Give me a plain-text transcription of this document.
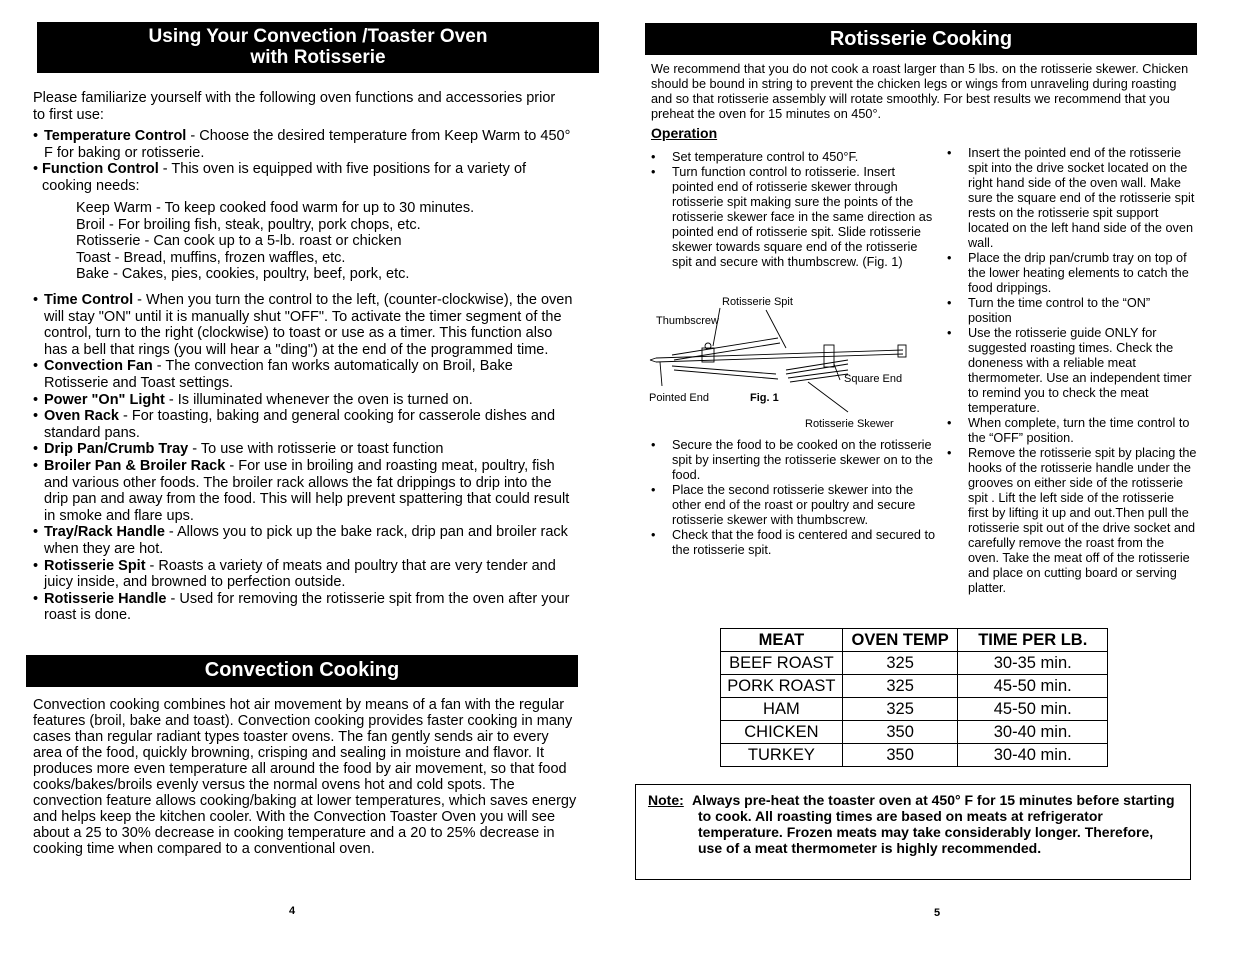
Using Your Convection /Toaster Oven
with Rotisserie
Please familiarize yourself with the following oven functions and accessories prior to first use:
• Temperature Control - Choose the desired temperature from Keep Warm to 450° F for baking or rotisserie.
• Function Control - This oven is equipped with five positions for a variety of cooking needs:
Keep Warm - To keep cooked food warm for up to 30 minutes.
Broil - For broiling fish, steak, poultry, pork chops, etc.
Rotisserie - Can cook up to a 5-lb. roast or chicken
Toast - Bread, muffins, frozen waffles, etc.
Bake - Cakes, pies, cookies, poultry, beef, pork, etc.
• Time Control - When you turn the control to the left, (counter-clockwise), the oven will stay "ON" until it is manually shut "OFF". To activate the timer segment of the control, turn to the right (clockwise) to toast or use as a timer. This function also has a bell that rings (you will hear a "ding") at the end of the programmed time.
• Convection Fan - The convection fan works automatically on Broil, Bake Rotisserie and Toast settings.
• Power "On" Light - Is illuminated whenever the oven is turned on.
• Oven Rack - For toasting, baking and general cooking for casserole dishes and standard pans.
• Drip Pan/Crumb Tray - To use with rotisserie or toast function
• Broiler Pan & Broiler Rack - For use in broiling and roasting meat, poultry, fish and various other foods. The broiler rack allows the fat drippings to drip into the drip pan and away from the food. This will help prevent spattering that could result in smoke and flare ups.
• Tray/Rack Handle - Allows you to pick up the bake rack, drip pan and broiler rack when they are hot.
• Rotisserie Spit - Roasts a variety of meats and poultry that are very tender and juicy inside, and browned to perfection outside.
• Rotisserie Handle - Used for removing the rotisserie spit from the oven after your roast is done.
Convection Cooking
Convection cooking combines hot air movement by means of a fan with the regular features (broil, bake and toast). Convection cooking provides faster cooking in many cases than regular radiant types toaster ovens. The fan gently sends air to every area of the food, quickly browning, crisping and sealing in moisture and flavor. It produces more even temperature all around the food by air movement, so that food cooks/bakes/broils evenly versus the normal ovens hot and cold spots. The convection feature allows cooking/baking at lower temperatures, which saves energy and helps keep the kitchen cooler. With the Convection Toaster Oven you will see about a 25 to 30% decrease in cooking temperature and a 20 to 25% decrease in cooking time when compared to a conventional oven.
4
Rotisserie Cooking
We recommend that you do not cook a roast larger than 5 lbs. on the rotisserie skewer. Chicken should be bound in string to prevent the chicken legs or wings from unraveling during roasting and so that rotisserie assembly will rotate smoothly. For best results we recommend that you preheat the oven for 15 minutes on 450°.
Operation
• Set temperature control to 450°F.
• Turn function control to rotisserie. Insert pointed end of rotisserie skewer through rotisserie spit making sure the points of the rotisserie skewer face in the same direction as pointed end of rotisserie spit. Slide rotisserie skewer towards square end of the rotisserie spit and secure with thumbscrew. (Fig. 1)
Rotisserie Spit
Thumbscrew
Square End
Pointed End	Fig. 1
Rotisserie Skewer
• Secure the food to be cooked on the rotisserie spit by inserting the rotisserie skewer on to the food.
• Place the second rotisserie skewer into the other end of the roast or poultry and secure rotisserie skewer with thumbscrew.
• Check that the food is centered and secured to the rotisserie spit.
• Insert the pointed end of the rotisserie spit into the drive socket located on the right hand side of the oven wall. Make sure the square end of the rotisserie spit rests on the rotisserie spit support located on the left hand side of the oven wall.
• Place the drip pan/crumb tray on top of the lower heating elements to catch the food drippings.
• Turn the time control to the “ON” position
• Use the rotisserie guide ONLY for suggested roasting times. Check the doneness with a reliable meat thermometer. Use an independent timer to remind you to check the meat temperature.
• When complete, turn the time control to the “OFF” position.
• Remove the rotisserie spit by placing the hooks of the rotisserie handle under the grooves on either side of the rotisserie spit . Lift the left side of the rotisserie first by lifting it up and out.Then pull the rotisserie spit out of the drive socket and carefully remove the roast from the oven. Take the meat off of the rotisserie and place on cutting board or serving platter.
MEAT	OVEN TEMP	TIME PER LB.
BEEF ROAST	325	30-35 min.
PORK ROAST	325	45-50 min.
HAM	325	45-50 min.
CHICKEN	350	30-40 min.
TURKEY	350	30-40 min.
Note: Always pre-heat the toaster oven at 450° F for 15 minutes before starting to cook. All roasting times are based on meats at refrigerator temperature. Frozen meats may take considerably longer. Therefore, use of a meat thermometer is highly recommended.
5
